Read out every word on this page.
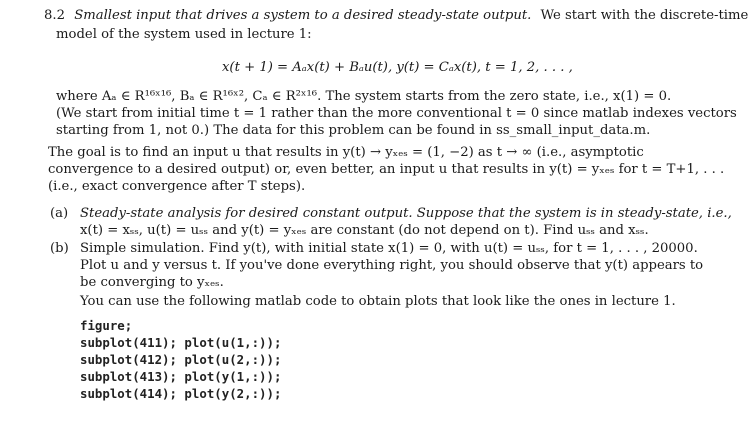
8.2 Smallest input that drives a system to a desired steady-state output. We start with the discrete-time
model of the system used in lecture 1:
x(t + 1) = Aₐx(t) + Bₐu(t), y(t) = Cₐx(t), t = 1, 2, . . . ,
where Aₐ ∈ R¹⁶ˣ¹⁶, Bₐ ∈ R¹⁶ˣ², Cₐ ∈ R²ˣ¹⁶. The system starts from the zero state, i.e., x(1) = 0.
(We start from initial time t = 1 rather than the more conventional t = 0 since matlab indexes vectors
starting from 1, not 0.) The data for this problem can be found in ss_small_input_data.m.
The goal is to find an input u that results in y(t) → yₓₑₛ = (1, −2) as t → ∞ (i.e., asymptotic
convergence to a desired output) or, even better, an input u that results in y(t) = yₓₑₛ for t = T+1, . . .
(i.e., exact convergence after T steps).
(a) Steady-state analysis for desired constant output. Suppose that the system is in steady-state, i.e.,
x(t) = xₛₛ, u(t) = uₛₛ and y(t) = yₓₑₛ are constant (do not depend on t). Find uₛₛ and xₛₛ.
(b) Simple simulation. Find y(t), with initial state x(1) = 0, with u(t) = uₛₛ, for t = 1, . . . , 20000.
Plot u and y versus t. If you've done everything right, you should observe that y(t) appears to
be converging to yₓₑₛ.
You can use the following matlab code to obtain plots that look like the ones in lecture 1.
figure;
subplot(411); plot(u(1,:));
subplot(412); plot(u(2,:));
subplot(413); plot(y(1,:));
subplot(414); plot(y(2,:));
